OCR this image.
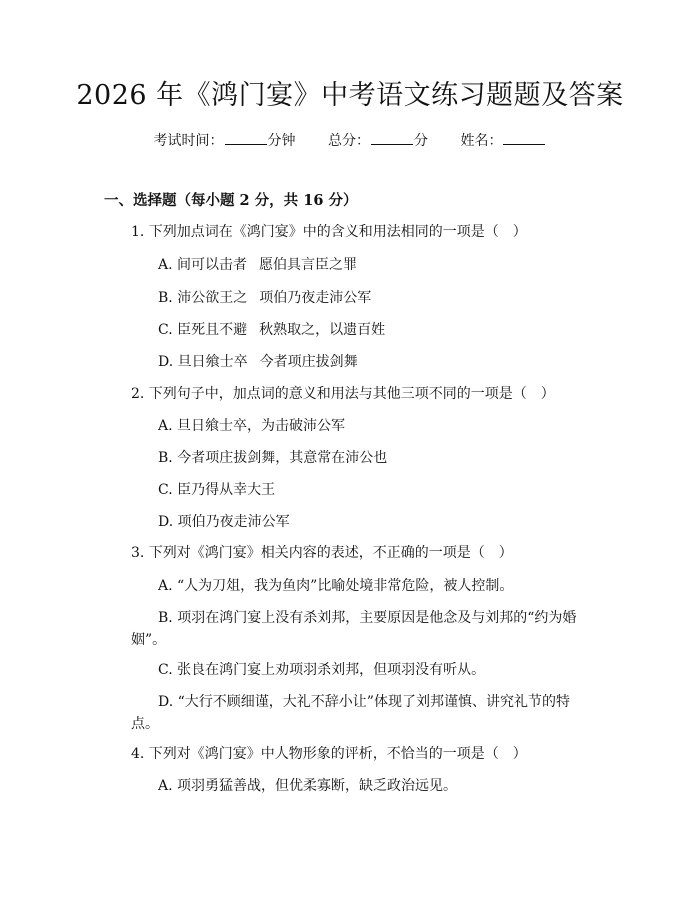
2026 年《鸿门宴》中考语文练习题题及答案
考试时间：	分钟 总分：	分 姓名：
一、选择题（每小题 2 分，共 16 分）
1. 下列加点词在《鸿门宴》中的含义和用法相同的一项是（　）
A. 间可以击者 愿伯具言臣之罪
B. 沛公欲王之 项伯乃夜走沛公军
C. 臣死且不避 秋熟取之，以遗百姓
D. 旦日飨士卒 今者项庄拔剑舞
2. 下列句子中，加点词的意义和用法与其他三项不同的一项是（　）
A. 旦日飨士卒，为击破沛公军
B. 今者项庄拔剑舞，其意常在沛公也
C. 臣乃得从幸大王
D. 项伯乃夜走沛公军
3. 下列对《鸿门宴》相关内容的表述，不正确的一项是（　）
A. “人为刀俎，我为鱼肉”比喻处境非常危险，被人控制。
B. 项羽在鸿门宴上没有杀刘邦，主要原因是他念及与刘邦的“约为婚
姻”。
C. 张良在鸿门宴上劝项羽杀刘邦，但项羽没有听从。
D. “大行不顾细谨，大礼不辞小让”体现了刘邦谨慎、讲究礼节的特
点。
4. 下列对《鸿门宴》中人物形象的评析，不恰当的一项是（　）
A. 项羽勇猛善战，但优柔寡断，缺乏政治远见。
